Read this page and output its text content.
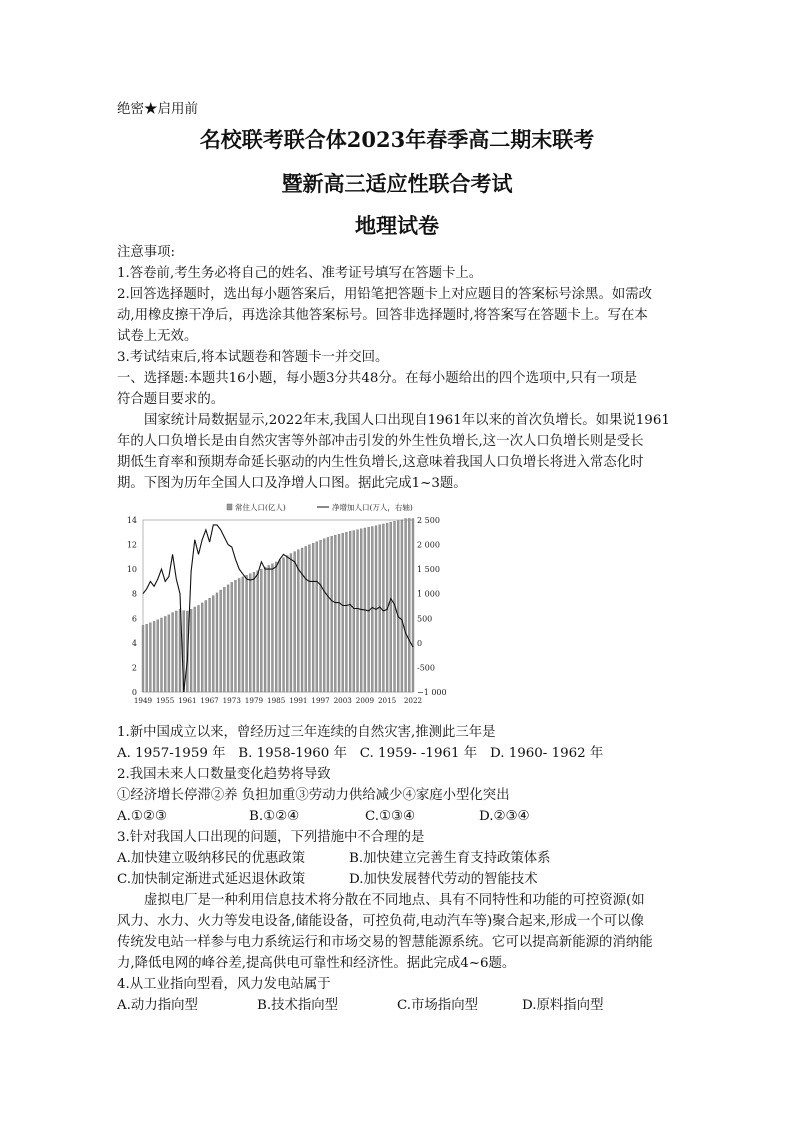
绝密★启用前
名校联考联合体2023年春季高二期末联考
暨新高三适应性联合考试
地理试卷
注意事项:
1.答卷前,考生务必将自己的姓名、准考证号填写在答题卡上。
2.回答选择题时，选出每小题答案后，用铅笔把答题卡上对应题目的答案标号涂黑。如需改
动,用橡皮擦干净后，再选涂其他答案标号。回答非选择题时,将答案写在答题卡上。写在本
试卷上无效。
3.考试结束后,将本试题卷和答题卡一并交回。
一、选择题:本题共16小题，每小题3分共48分。在每小题给出的四个选项中,只有一项是
符合题目要求的。
国家统计局数据显示,2022年末,我国人口出现自1961年以来的首次负增长。如果说1961
年的人口负增长是由自然灾害等外部冲击引发的外生性负增长,这一次人口负增长则是受长
期低生育率和预期寿命延长驱动的内生性负增长,这意味着我国人口负增长将进入常态化时
期。下图为历年全国人口及净增人口图。据此完成1~3题。
0
2
4
6
8
10
12
14
−1 000
-500
0
500
1 000
1 500
2 000
2 500
1949 1955 1961 1967 1973 1979 1985 1991 1997 2003 2009 2015 2022
常住人口(亿人)	净增加人口(万人，右轴)
1.新中国成立以来，曾经历过三年连续的自然灾害,推测此三年是
A. 1957-1959 年 B. 1958-1960 年 C. 1959- -1961 年 D. 1960- 1962 年
2.我国未来人口数量变化趋势将导致
①经济增长停滞②养 负担加重③劳动力供给减少④家庭小型化突出
A.①②③	B.①②④	C.①③④	D.②③④
3.针对我国人口出现的问题，下列措施中不合理的是
A.加快建立吸纳移民的优惠政策	B.加快建立完善生育支持政策体系
C.加快制定渐进式延迟退休政策	D.加快发展替代劳动的智能技术
虚拟电厂是一种利用信息技术将分散在不同地点、具有不同特性和功能的可控资源(如
风力、水力、火力等发电设备,储能设备，可控负荷,电动汽车等)聚合起来,形成一个可以像
传统发电站一样参与电力系统运行和市场交易的智慧能源系统。它可以提高新能源的消纳能
力,降低电网的峰谷差,提高供电可靠性和经济性。据此完成4~6题。
4.从工业指向型看，风力发电站属于
A.动力指向型	B.技术指向型	C.市场指向型	D.原料指向型
